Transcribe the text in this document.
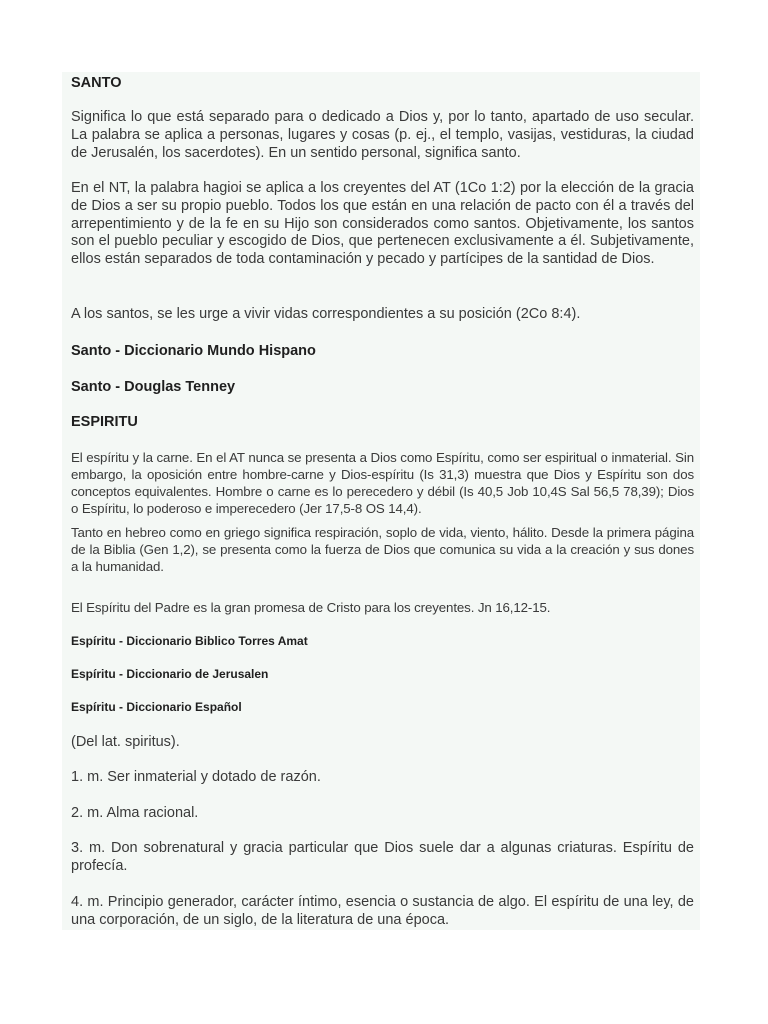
SANTO

Significa lo que está separado para o dedicado a Dios y, por lo tanto, apartado de uso secular. La palabra se aplica a personas, lugares y cosas (p. ej., el templo, vasijas, vestiduras, la ciudad de Jerusalén, los sacerdotes). En un sentido personal, significa santo.

En el NT, la palabra hagioi se aplica a los creyentes del AT (1Co 1:2) por la elección de la gracia de Dios a ser su propio pueblo. Todos los que están en una relación de pacto con él a través del arrepentimiento y de la fe en su Hijo son considerados como santos. Objetivamente, los santos son el pueblo peculiar y escogido de Dios, que pertenecen exclusivamente a él. Subjetivamente, ellos están separados de toda contaminación y pecado y partícipes de la santidad de Dios.

A los santos, se les urge a vivir vidas correspondientes a su posición (2Co 8:4).

Santo - Diccionario Mundo Hispano
Santo - Douglas Tenney
ESPIRITU

El espíritu y la carne. En el AT nunca se presenta a Dios como Espíritu, como ser espiritual o inmaterial. Sin embargo, la oposición entre hombre-carne y Dios-espíritu (Is 31,3) muestra que Dios y Espíritu son dos conceptos equivalentes. Hombre o carne es lo perecedero y débil (Is 40,5 Job 10,4S Sal 56,5 78,39); Dios o Espíritu, lo poderoso e imperecedero (Jer 17,5-8 OS 14,4).

Tanto en hebreo como en griego significa respiración, soplo de vida, viento, hálito. Desde la primera página de la Biblia (Gen 1,2), se presenta como la fuerza de Dios que comunica su vida a la creación y sus dones a la humanidad.

El Espíritu del Padre es la gran promesa de Cristo para los creyentes. Jn 16,12-15.

Espíritu - Diccionario Biblico Torres Amat
Espíritu - Diccionario de Jerusalen
Espíritu - Diccionario Español

(Del lat. spiritus).

1. m. Ser inmaterial y dotado de razón.

2. m. Alma racional.

3. m. Don sobrenatural y gracia particular que Dios suele dar a algunas criaturas. Espíritu de profecía.

4. m. Principio generador, carácter íntimo, esencia o sustancia de algo. El espíritu de una ley, de una corporación, de un siglo, de la literatura de una época.
